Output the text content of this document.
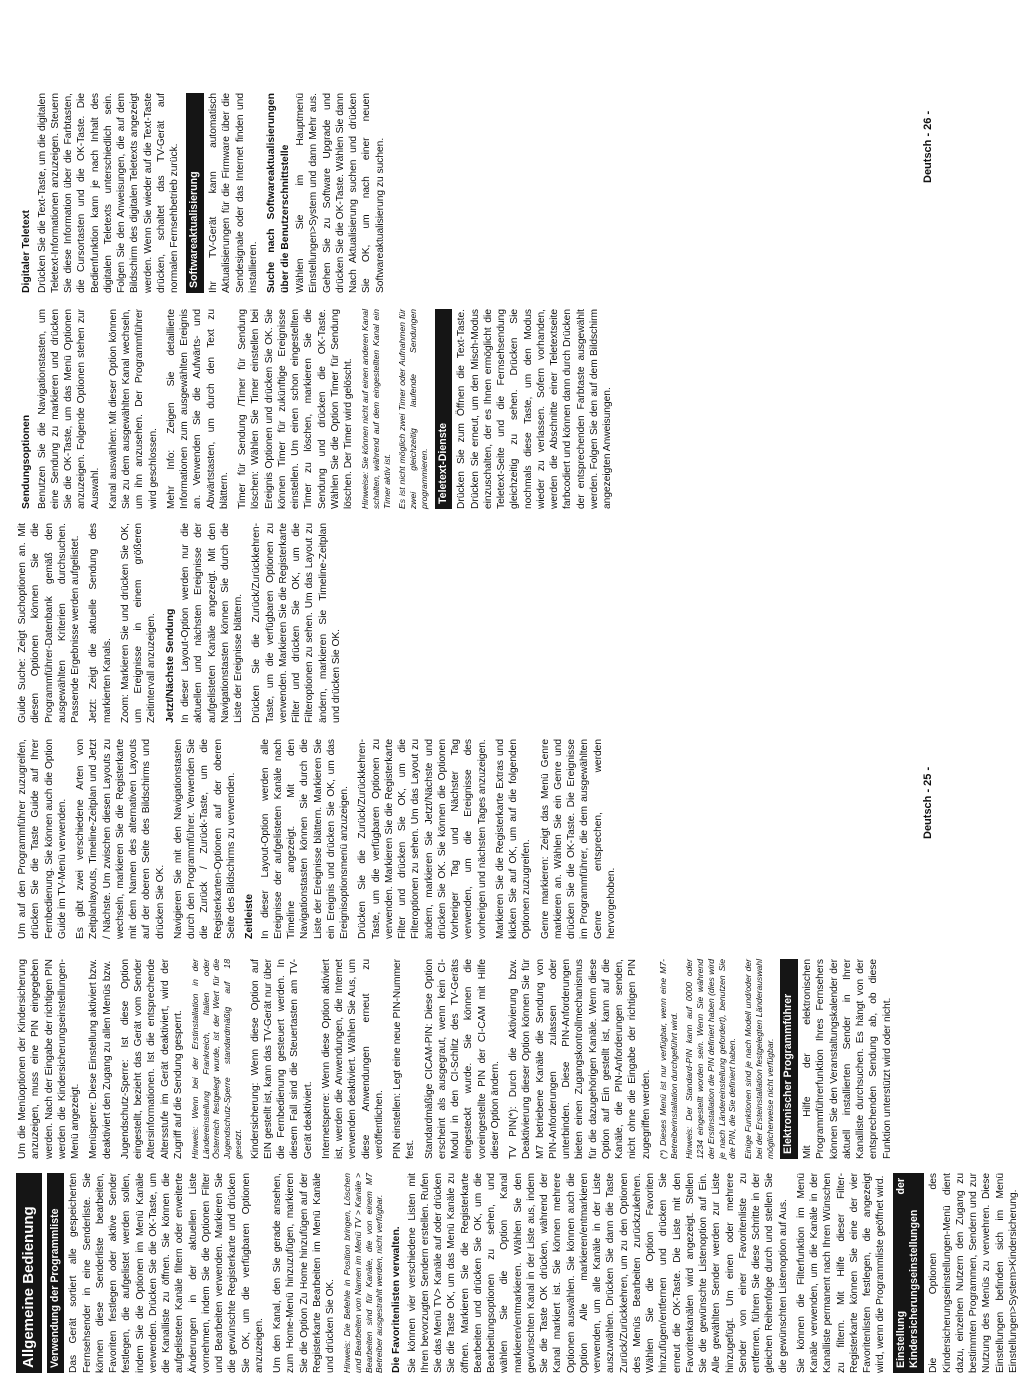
Allgemeine Bedienung	Verwendung der Programmliste Das Gerät sortiert alle gespeicherten Fernsehsender in eine Senderliste. Sie können diese Senderliste bearbeiten, Favoriten festlegen oder aktive Sender festlegen, die aufgelistet werden sollen, indem Sie die Optionen im Menü Kanäle verwenden. Drücken Sie die OK-Taste, um die Kanalliste zu öffnen. Sie können die aufgelisteten Kanäle filtern oder erweiterte Änderungen in der aktuellen Liste vornehmen, indem Sie die Optionen Filter und Bearbeiten verwenden. Markieren Sie die gewünschte Registerkarte und drücken Sie OK, um die verfügbaren Optionen anzuzeigen. Um den Kanal, den Sie gerade ansehen, zum Home-Menü hinzuzufügen, markieren Sie die Option Zu Home hinzufügen auf der Registerkarte Bearbeiten im Menü Kanäle und drücken Sie OK. Hinweis: Die Befehle in Position bringen, Löschen und Bearbeiten von Namen im Menü TV > Kanäle > Bearbeiten sind für Kanäle, die von einem M7 Betreiber ausgestrahlt werden, nicht verfügbar. Die Favoritenlisten verwalten. Sie können vier verschiedene Listen mit Ihren bevorzugten Sendern erstellen. Rufen Sie das Menü TV> Kanäle auf oder drücken Sie die Taste OK, um das Menü Kanäle zu öffnen. Markieren Sie die Registerkarte Bearbeiten und drücken Sie OK, um die Bearbeitungsoptionen zu sehen, und wählen Sie die Option Kanal markieren/entmarkieren. Wählen Sie den gewünschten Kanal in der Liste aus, indem Sie die Taste OK drücken, während der Kanal markiert ist. Sie können mehrere Optionen auswählen. Sie können auch die Option Alle markieren/entmarkieren verwenden, um alle Kanäle in der Liste auszuwählen. Drücken Sie dann die Taste Zurück/Zurückkehren, um zu den Optionen des Menüs Bearbeiten zurückzukehren. Wählen Sie die Option Favoriten hinzufügen/entfernen und drücken Sie erneut die OK-Taste. Die Liste mit den Favoritenkanälen wird angezeigt. Stellen Sie die gewünschte Listenoption auf Ein. Alle gewählten Sender werden zur Liste hinzugefügt. Um einen oder mehrere Sender von einer Favoritenliste zu entfernen, führen Sie diese Schritte in der gleichen Reihenfolge durch und stellen Sie die gewünschten Listenoption auf Aus. Sie können die Filterfunktion im Menü Kanäle verwenden, um die Kanäle in der Kanalliste permanent nach Ihren Wünschen zu filtern. Mit Hilfe dieser Filter-Registerkarte können Sie eine der vier Favoritenlisten festlegen, die angezeigt wird, wenn die Programmliste geöffnet wird. Einstellung der Kindersicherungseinstellungen Die Optionen des Kindersicherungseinstellungen-Menü dient dazu, einzelnen Nutzern den Zugang zu bestimmten Programmen, Sendern und zur Nutzung des Menüs zu verwehren. Diese Einstellungen befinden sich im Menü Einstellungen>System>Kindersicherung.

Um die Menüoptionen der Kindersicherung anzuzeigen, muss eine PIN eingegeben werden. Nach der Eingabe der richtigen PIN werden die Kindersicherungseinstellungen-Menü angezeigt. Menüsperre: Diese Einstellung aktiviert bzw. deaktiviert den Zugang zu allen Menüs bzw. Jugendschutz-Sperre: Ist diese Option eingestellt, bezieht das Gerät vom Sender Altersinformationen. Ist die entsprechende Altersstufe im Gerät deaktiviert, wird der Zugriff auf die Sendung gesperrt. Hinweis: Wenn bei der Erstinstallation in der Ländereinstellung Frankreich, Italien oder Österreich festgelegt wurde, ist der Wert für die Jugendschutz-Sperre standardmäßig auf 18 gesetzt. Kindersicherung: Wenn diese Option auf EIN gestellt ist, kann das TV-Gerät nur über die Fernbedienung gesteuert werden. In diesem Fall sind die Steuertasten am TV-Gerät deaktiviert. Internetsperre: Wenn diese Option aktiviert ist, werden die Anwendungen, die Internet verwenden deaktiviert. Wählen Sie Aus, um diese Anwendungen erneut zu veröffentlichen. PIN einstellen: Legt eine neue PIN-Nummer fest. Standardmäßige CICAM-PIN: Diese Option erscheint als ausgegraut, wenn kein CI-Modul in den CI-Schlitz des TV-Geräts eingesteckt wurde. Sie können die voreingestellte PIN der CI-CAM mit Hilfe dieser Option ändern. TV PIN(*): Durch die Aktivierung bzw. Deaktivierung dieser Option können Sie für M7 betriebene Kanäle die Sendung von PIN-Anforderungen zulassen oder unterbinden. Diese PIN-Anforderungen bieten einen Zugangskontrollmechanismus für die dazugehörigen Kanäle. Wenn diese Option auf Ein gestellt ist, kann auf die Kanäle, die PIN-Anforderungen senden, nicht ohne die Eingabe der richtigen PIN zugegriffen werden. (*) Dieses Menü ist nur verfügbar, wenn eine M7-Betreiberinstallation durchgeführt wird. Hinweis: Der Standard-PIN kann auf 0000 oder 1234 eingestellt worden sein. Wenn Sie während der Erstinstallation die PIN definiert haben (dies wird je nach Ländereinstellung gefordert), benutzen Sie die PIN, die Sie definiert haben. Einige Funktionen sind je nach Modell und/oder der bei der Ersteinstallation festgelegten Länderauswahl möglicherweise nicht verfügbar. Elektronischer Programmführer Mit Hilfe der elektronischen Programmführerfunktion Ihres Fernsehers können Sie den Veranstaltungskalender der aktuell installierten Sender in Ihrer Kanalliste durchsuchen. Es hängt von der entsprechenden Sendung ab, ob diese Funktion unterstützt wird oder nicht.

Um auf den Programmführer zuzugreifen, drücken Sie die Taste Guide auf Ihrer Fernbedienung. Sie können auch die Option Guide im TV-Menü verwenden. Es gibt zwei verschiedene Arten von Zeitplanlayouts, Timeline-Zeitplan und Jetzt / Nächste. Um zwischen diesen Layouts zu wechseln, markieren Sie die Registerkarte mit dem Namen des alternativen Layouts auf der oberen Seite des Bildschirms und drücken Sie OK. Navigieren Sie mit den Navigationstasten durch den Programmführer. Verwenden Sie die Zurück / Zurück-Taste, um die Registerkarten-Optionen auf der oberen Seite des Bildschirms zu verwenden. Zeitleiste In dieser Layout-Option werden alle Ereignisse der aufgelisteten Kanäle nach Timeline angezeigt. Mit den Navigationstasten können Sie durch die Liste der Ereignisse blättern. Markieren Sie ein Ereignis und drücken Sie OK, um das Ereignisoptionsmenü anzuzeigen. Drücken Sie die Zurück/Zurückkehren-Taste, um die verfügbaren Optionen zu verwenden. Markieren Sie die Registerkarte Filter und drücken Sie OK, um die Filteroptionen zu sehen. Um das Layout zu ändern, markieren Sie Jetzt/Nächste und drücken Sie OK. Sie können die Optionen Vorheriger Tag und Nächster Tag verwenden, um die Ereignisse des vorherigen und nächsten Tages anzuzeigen. Markieren Sie die Registerkarte Extras und klicken Sie auf OK, um auf die folgenden Optionen zuzugreifen. Genre markieren: Zeigt das Menü Genre markieren an. Wählen Sie ein Genre und drücken Sie die OK-Taste. Die Ereignisse im Programmführer, die dem ausgewählten Genre entsprechen, werden hervorgehoben.

Guide Suche: Zeigt Suchoptionen an. Mit diesen Optionen können Sie die Programmführer-Datenbank gemäß den ausgewählten Kriterien durchsuchen. Passende Ergebnisse werden aufgelistet. Jetzt: Zeigt die aktuelle Sendung des markierten Kanals. Zoom: Markieren Sie und drücken Sie OK, um Ereignisse in einem größeren Zeitintervall anzuzeigen. Jetzt/Nächste Sendung In dieser Layout-Option werden nur die aktuellen und nächsten Ereignisse der aufgelisteten Kanäle angezeigt. Mit den Navigationstasten können Sie durch die Liste der Ereignisse blättern. Drücken Sie die Zurück/Zurückkehren-Taste, um die verfügbaren Optionen zu verwenden. Markieren Sie die Registerkarte Filter und drücken Sie OK, um die Filteroptionen zu sehen. Um das Layout zu ändern, markieren Sie Timeline-Zeitplan und drücken Sie OK.

Sendungsoptionen Benutzen Sie die Navigationstasten, um eine Sendung zu markieren und drücken Sie die OK-Taste, um das Menü Optionen anzuzeigen. Folgende Optionen stehen zur Auswahl. Kanal auswählen: Mit dieser Option können Sie zu dem ausgewählten Kanal wechseln, um ihn anzusehen. Der Programmführer wird geschlossen. Mehr Info: Zeigen Sie detaillierte Informationen zum ausgewählten Ereignis an. Verwenden Sie die Aufwärts- und Abwärtstasten, um durch den Text zu blättern. Timer für Sendung /Timer für Sendung löschen: Wählen Sie Timer einstellen bei Ereignis Optionen und drücken Sie OK. Sie können Timer für zukünftige Ereignisse einstellen. Um einen schon eingestellten Timer zu löschen, markieren Sie die Sendung und drücken die OK-Taste. Wählen Sie die Option Timer für Sendung löschen. Der Timer wird gelöscht. Hinweise: Sie können nicht auf einen anderen Kanal schalten, während auf dem eingestellten Kanal ein Timer aktiv ist. Es ist nicht möglich zwei Timer oder Aufnahmen für zwei gleichzeitig laufende Sendungen programmieren. Teletext-Dienste Drücken Sie zum Öffnen die Text-Taste. Drücken Sie erneut, um den Misch-Modus einzuschalten, der es Ihnen ermöglicht die Teletext-Seite und die Fernsehsendung gleichzeitig zu sehen. Drücken Sie nochmals diese Taste, um den Modus wieder zu verlassen. Sofern vorhanden, werden die Abschnitte einer Teletextseite farbcodiert und können dann durch Drücken der entsprechenden Farbtaste ausgewählt werden. Folgen Sie den auf dem Bildschirm angezeigten Anweisungen.

Digitaler Teletext Drücken Sie die Text-Taste, um die digitalen Teletext-Informationen anzuzeigen. Steuern Sie diese Information über die Farbtasten, die Cursortasten und die OK-Taste. Die Bedienfunktion kann je nach Inhalt des digitalen Teletexts unterschiedlich sein. Folgen Sie den Anweisungen, die auf dem Bildschirm des digitalen Teletexts angezeigt werden. Wenn Sie wieder auf die Text-Taste drücken, schaltet das TV-Gerät auf normalen Fernsehbetrieb zurück. Softwareaktualisierung Ihr TV-Gerät kann automatisch Aktualisierungen für die Firmware über die Sendesignale oder das Internet finden und installieren. Suche nach Softwareaktualisierungen über die Benutzerschnittstelle Wählen Sie im Hauptmenü Einstellungen>System und dann Mehr aus. Gehen Sie zu Software Upgrade und drücken Sie die OK-Taste. Wählen Sie dann Nach Aktualisierung suchen und drücken Sie OK, um nach einer neuen Softwareaktualisierung zu suchen.

Deutsch - 25 -
Deutsch - 26 -
